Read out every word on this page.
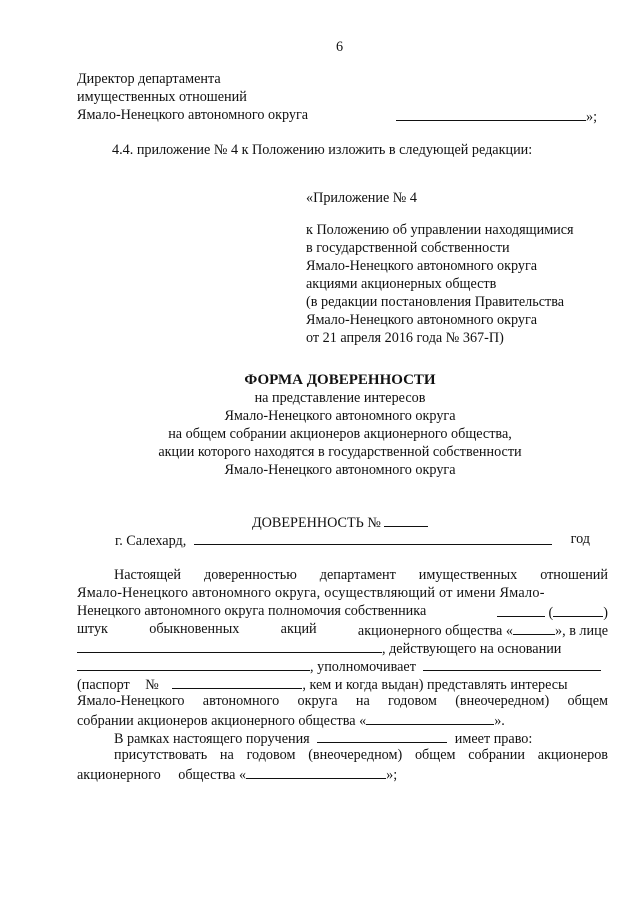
6
Директор департамента
имущественных отношений
Ямало-Ненецкого автономного округа	»;
4.4. приложение № 4 к Положению изложить в следующей редакции:
«Приложение № 4
к Положению об управлении находящимися
в государственной собственности
Ямало-Ненецкого автономного округа
акциями акционерных обществ
(в редакции постановления Правительства
Ямало-Ненецкого автономного округа
от 21 апреля 2016 года № 367-П)
ФОРМА ДОВЕРЕННОСТИ
на представление интересов
Ямало-Ненецкого автономного округа
на общем собрании акционеров акционерного общества,
акции которого находятся в государственной собственности
Ямало-Ненецкого автономного округа
ДОВЕРЕННОСТЬ №
г. Салехард,	год
Настоящей доверенностью департамент имущественных отношений
Ямало-Ненецкого автономного округа, осуществляющий от имени Ямало-
Ненецкого автономного округа полномочия собственника	(	)
штук	обыкновенных	акций	акционерного общества «	», в лице
, действующего на основании
, уполномочивает
(паспорт №	, кем и когда выдан) представлять интересы
Ямало-Ненецкого автономного округа на годовом (внеочередном) общем
собрании акционеров акционерного общества «	».
В рамках настоящего поручения	имеет право:
присутствовать на годовом (внеочередном) общем собрании акционеров
акционерного общества «	»;
